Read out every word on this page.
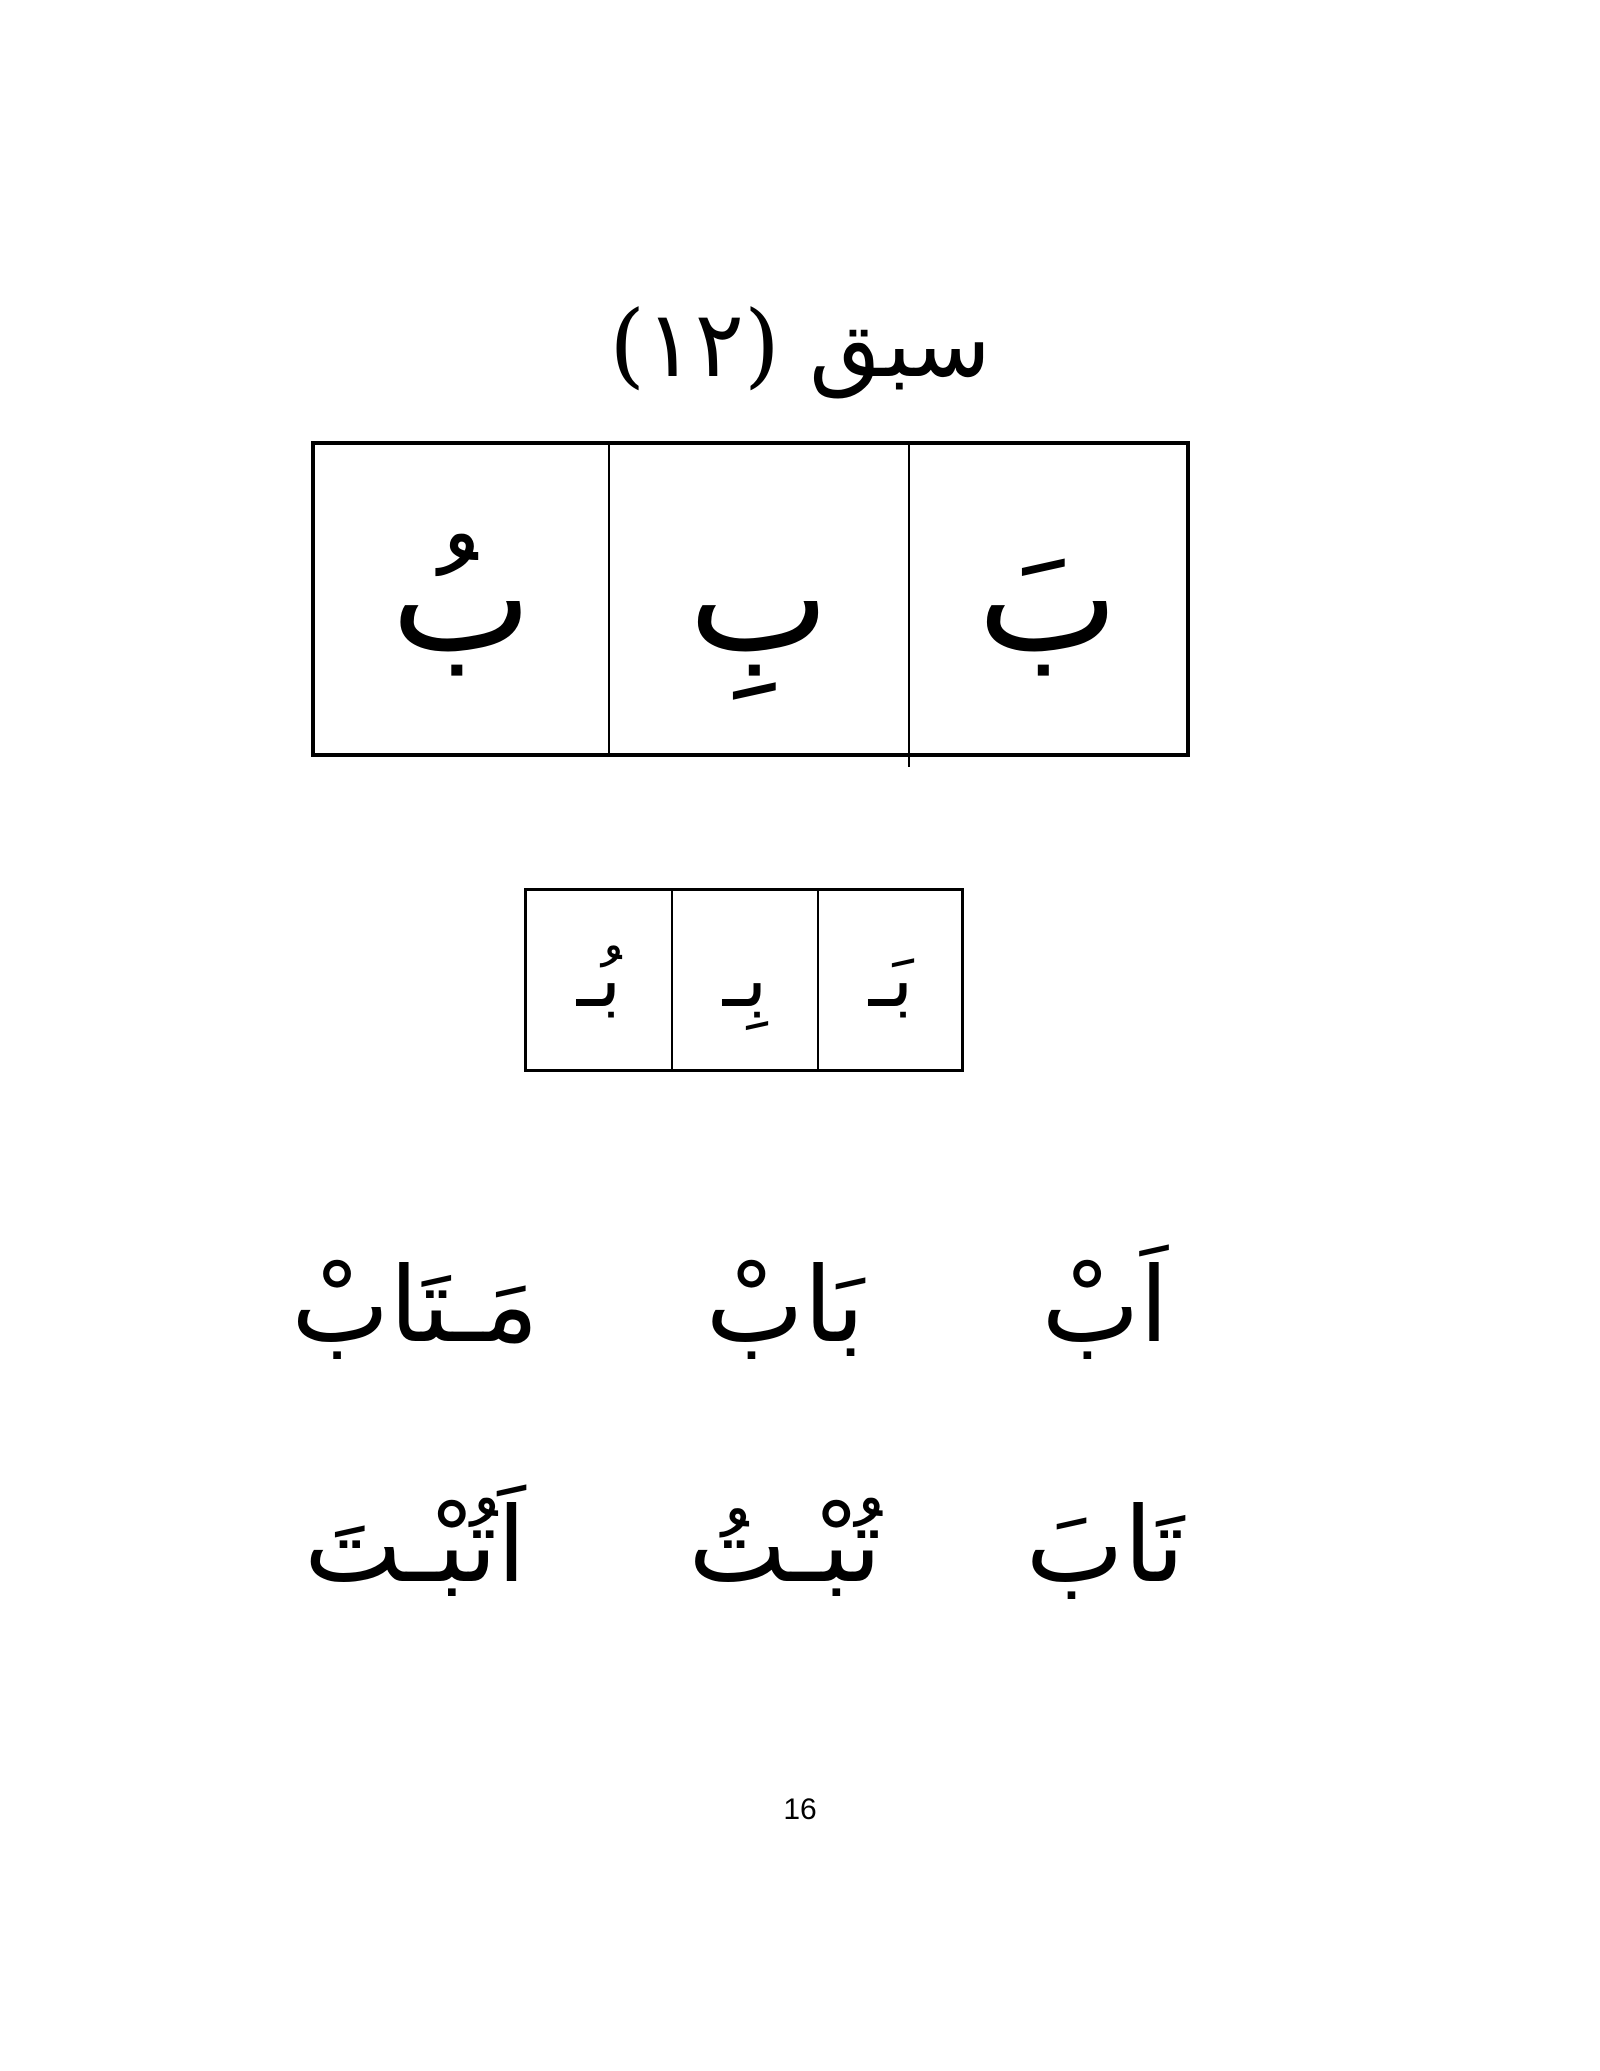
سبق (۱۲)
بَ
بِ
بُ
بَـ
بِـ
بُـ
اَبْ
بَابْ
مَـتَابْ
تَابَ
تُبْـتُ
اَتُبْـتَ
16
